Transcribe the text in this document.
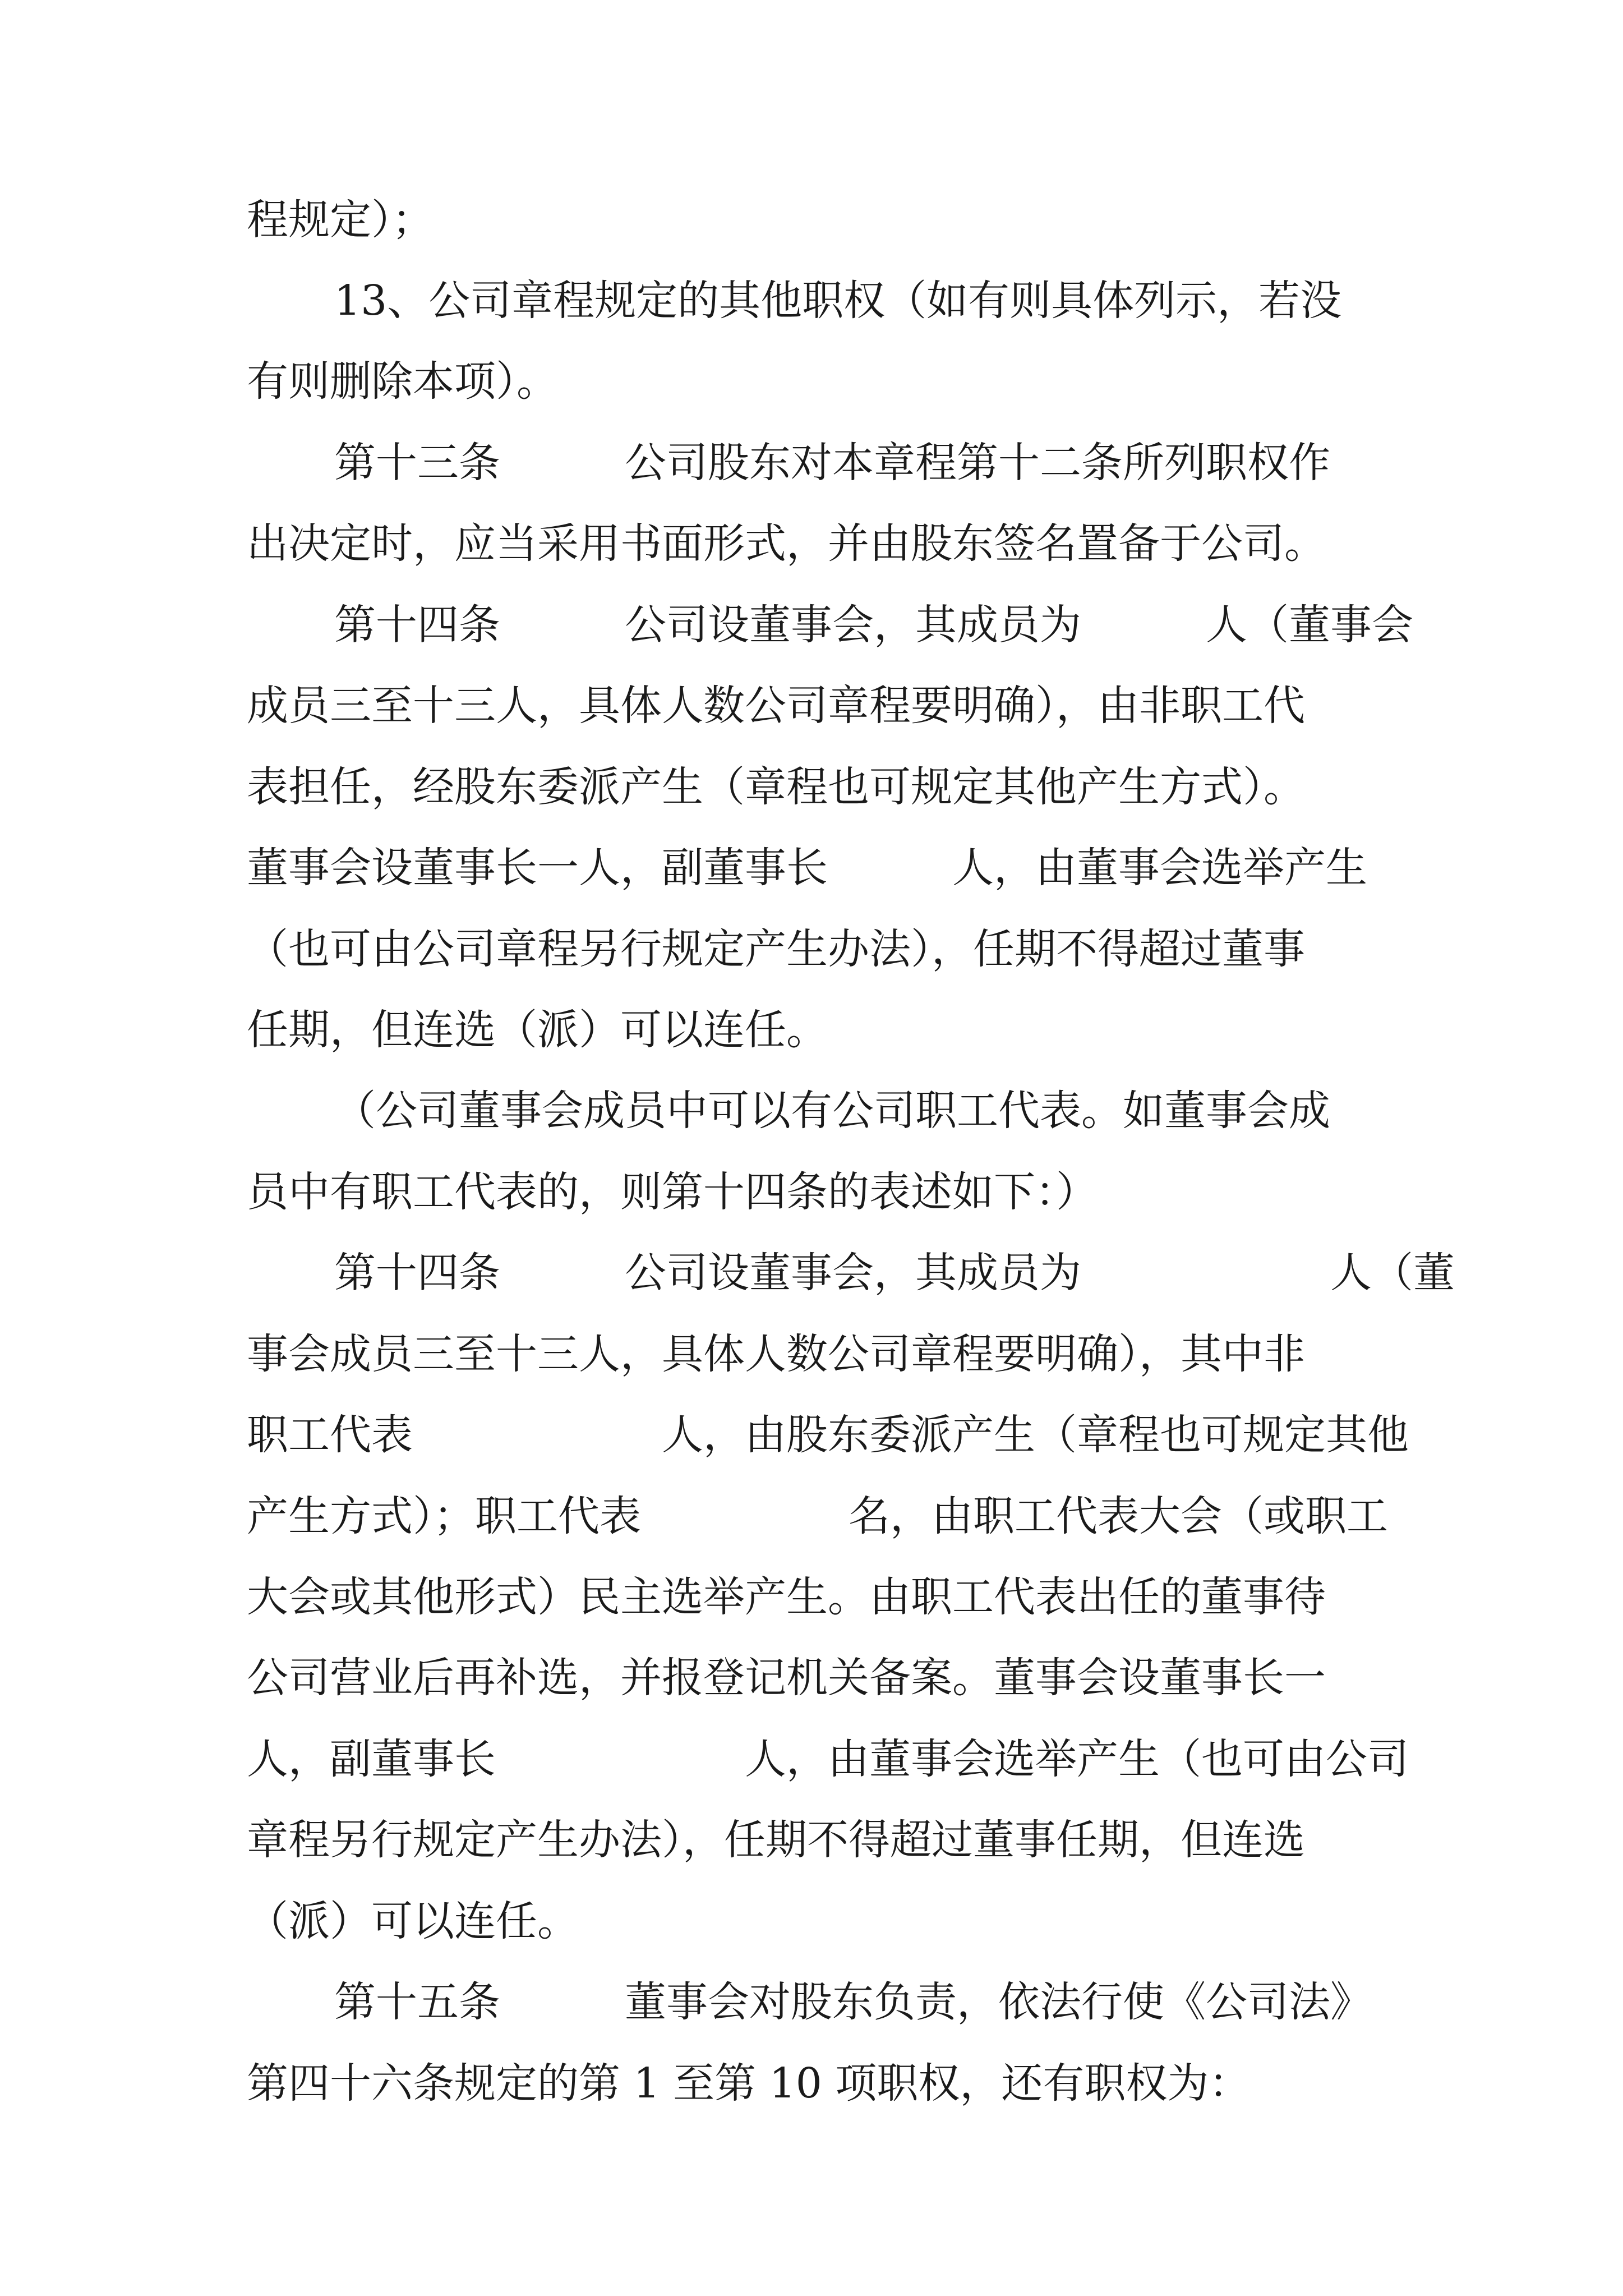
程规定）；
13、公司章程规定的其他职权（如有则具体列示，若没
有则删除本项）。
第十三条　　　公司股东对本章程第十二条所列职权作
出决定时，应当采用书面形式，并由股东签名置备于公司。
第十四条　　　公司设董事会，其成员为　　　人（董事会
成员三至十三人，具体人数公司章程要明确），由非职工代
表担任，经股东委派产生（章程也可规定其他产生方式）。
董事会设董事长一人，副董事长　　　人，由董事会选举产生
（也可由公司章程另行规定产生办法），任期不得超过董事
任期，但连选（派）可以连任。
（公司董事会成员中可以有公司职工代表。如董事会成
员中有职工代表的，则第十四条的表述如下：）
第十四条　　　公司设董事会，其成员为　　　　　　人（董
事会成员三至十三人，具体人数公司章程要明确），其中非
职工代表　　　　　　人，由股东委派产生（章程也可规定其他
产生方式）；职工代表　　　　　名，由职工代表大会（或职工
大会或其他形式）民主选举产生。由职工代表出任的董事待
公司营业后再补选，并报登记机关备案。董事会设董事长一
人，副董事长　　　　　　人，由董事会选举产生（也可由公司
章程另行规定产生办法），任期不得超过董事任期，但连选
（派）可以连任。
第十五条　　　董事会对股东负责，依法行使《公司法》
第四十六条规定的第 1 至第 10 项职权，还有职权为：
